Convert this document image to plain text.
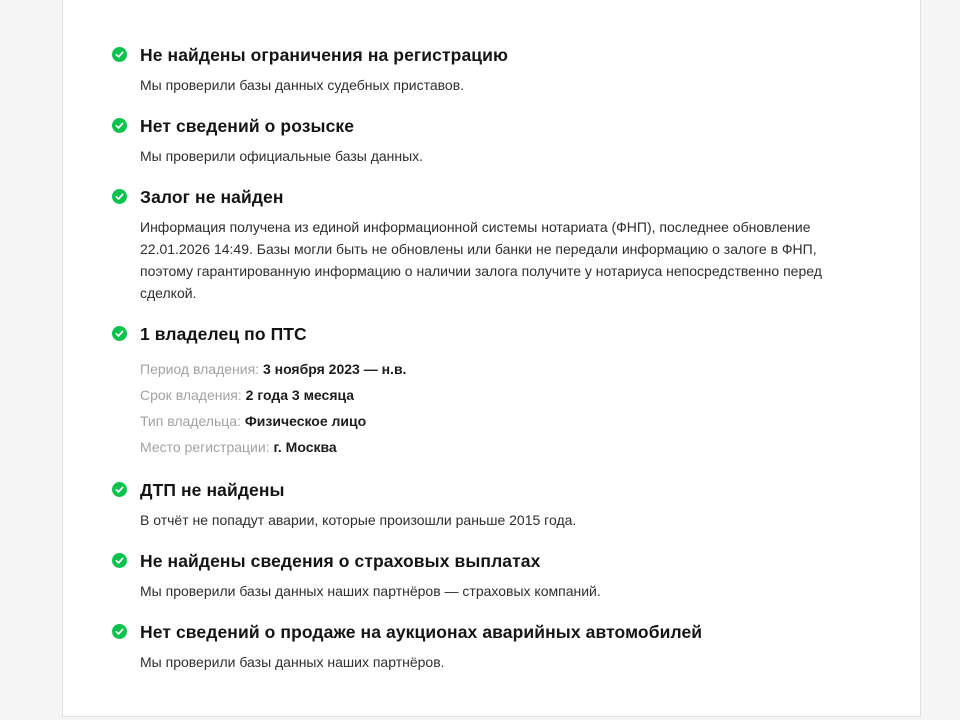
Не найдены ограничения на регистрацию
Мы проверили базы данных судебных приставов.
Нет сведений о розыске
Мы проверили официальные базы данных.
Залог не найден
Информация получена из единой информационной системы нотариата (ФНП), последнее обновление 22.01.2026 14:49. Базы могли быть не обновлены или банки не передали информацию о залоге в ФНП, поэтому гарантированную информацию о наличии залога получите у нотариуса непосредственно перед сделкой.
1 владелец по ПТС
Период владения: 3 ноября 2023 — н.в.
Срок владения: 2 года 3 месяца
Тип владельца: Физическое лицо
Место регистрации: г. Москва
ДТП не найдены
В отчёт не попадут аварии, которые произошли раньше 2015 года.
Не найдены сведения о страховых выплатах
Мы проверили базы данных наших партнёров — страховых компаний.
Нет сведений о продаже на аукционах аварийных автомобилей
Мы проверили базы данных наших партнёров.
